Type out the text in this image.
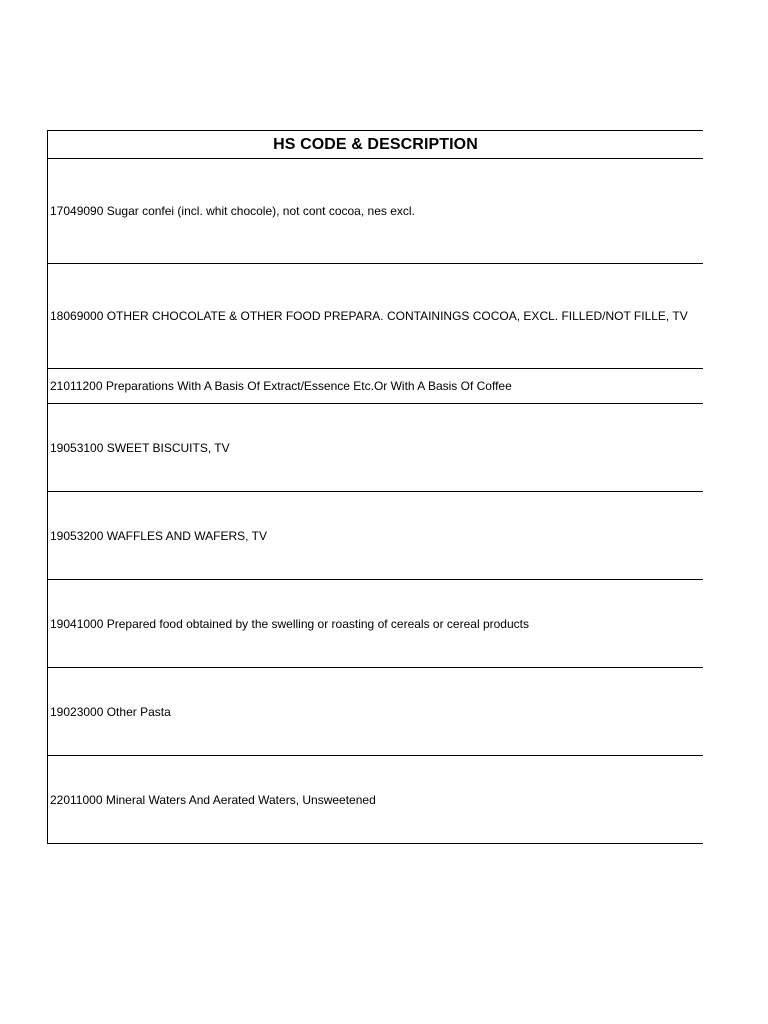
HS CODE & DESCRIPTION
17049090 Sugar confei (incl. whit chocole), not cont cocoa, nes excl.
18069000 OTHER CHOCOLATE & OTHER FOOD PREPARA. CONTAININGS COCOA, EXCL. FILLED/NOT FILLE, TV
21011200 Preparations With A Basis Of Extract/Essence Etc.Or With A Basis Of Coffee
19053100 SWEET BISCUITS, TV
19053200 WAFFLES AND WAFERS, TV
19041000 Prepared food obtained by the swelling or roasting of cereals or cereal products
19023000 Other Pasta
22011000 Mineral Waters And Aerated Waters, Unsweetened
